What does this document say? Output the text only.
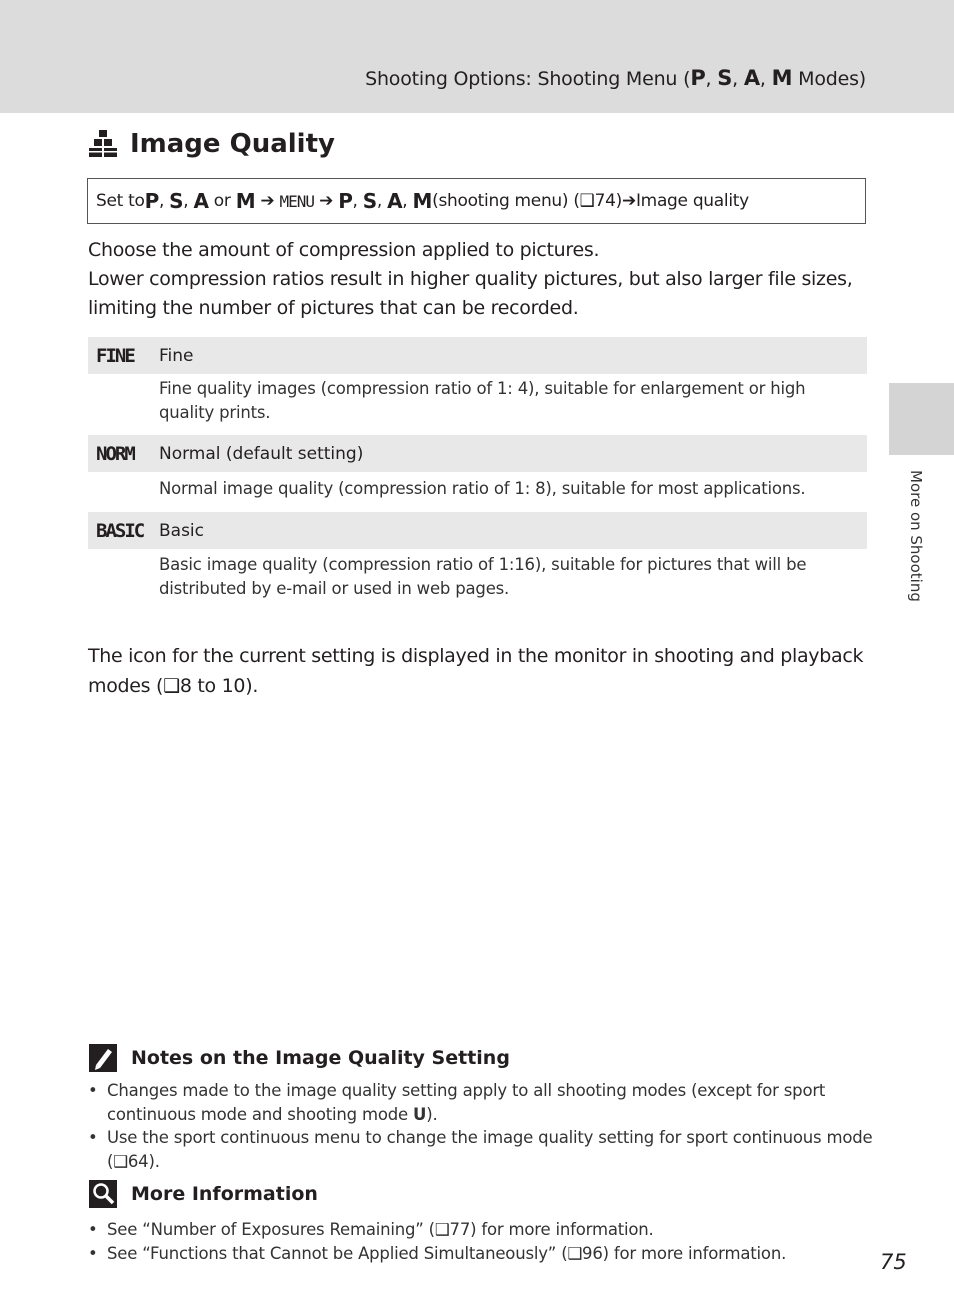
Shooting Options: Shooting Menu (P, S, A, M Modes)
More on Shooting
Image Quality
Set to P , S , A
or
M
➔
MENU
➔
P , S , A , M (shooting menu) ( ❑ 74 ) ➔ Image quality
Choose the amount of compression applied to pictures.
Lower compression ratios result in higher quality pictures, but also larger file sizes, limiting the number of pictures that can be recorded.
FINE	Fine
Fine quality images (compression ratio of 1: 4), suitable for enlargement or high quality prints.
NORM	Normal (default setting)
Normal image quality (compression ratio of 1: 8), suitable for most applications.
BASIC Basic
Basic image quality (compression ratio of 1:16), suitable for pictures that will be distributed by e-mail or used in web pages.
The icon for the current setting is displayed in the monitor in shooting and playback modes (❑8 to 10).
Notes on the Image Quality Setting
• Changes made to the image quality setting apply to all shooting modes (except for sport continuous mode and shooting mode U).
• Use the sport continuous menu to change the image quality setting for sport continuous mode (❑64).
More Information
• See “Number of Exposures Remaining” (❑77) for more information.
• See “Functions that Cannot be Applied Simultaneously” (❑96) for more information.	75
